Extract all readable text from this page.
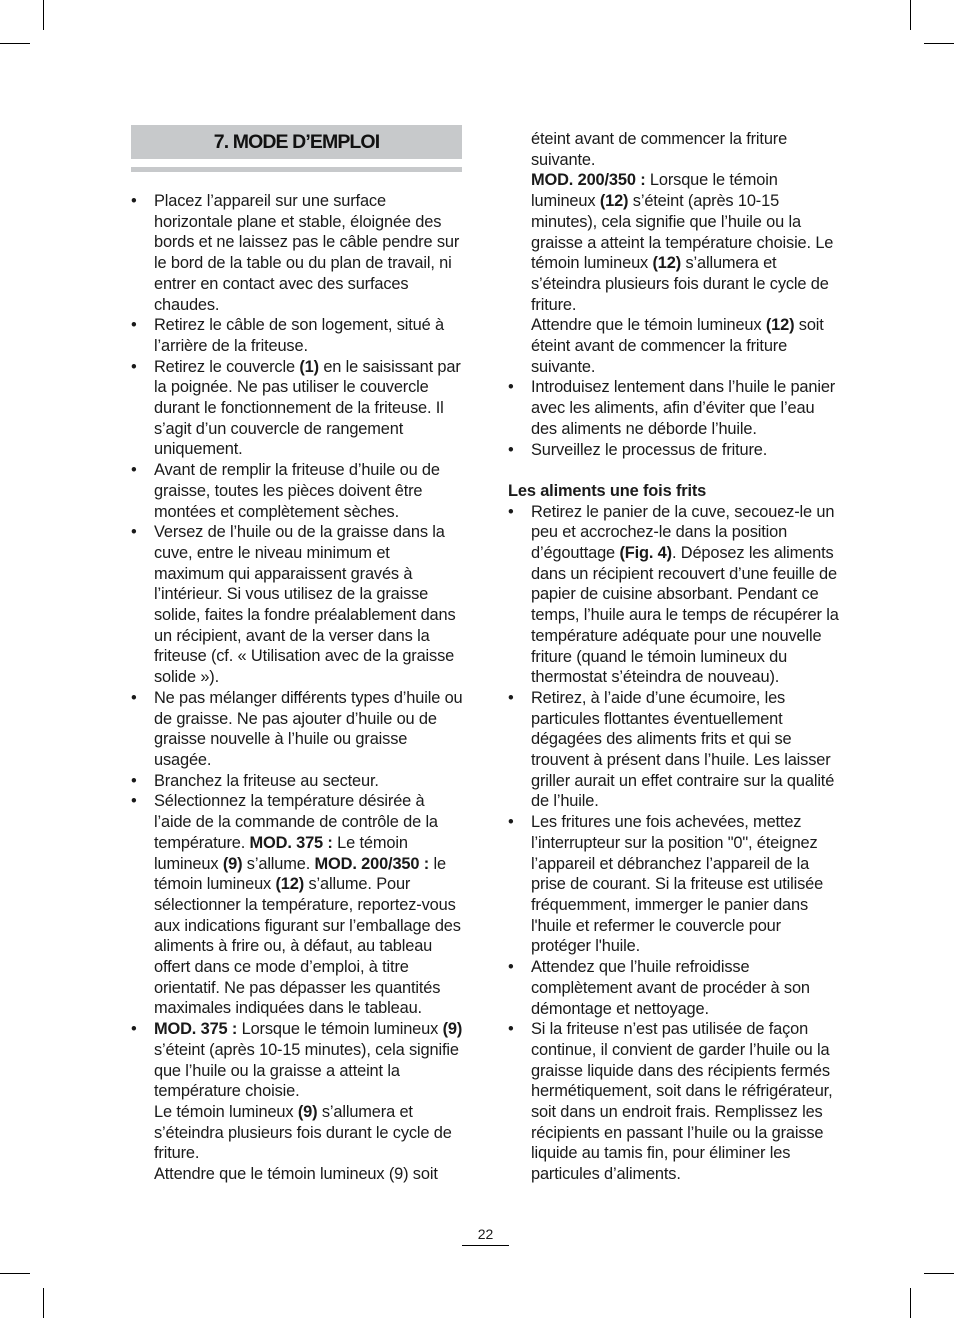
7. MODE D’EMPLOI
• Placez l’appareil sur une surface horizontale plane et stable, éloignée des bords et ne laissez pas le câble pendre sur le bord de la table ou du plan de travail, ni entrer en contact avec des surfaces chaudes.
• Retirez le câble de son logement, situé à l’arrière de la friteuse.
• Retirez le couvercle (1) en le saisissant par la poignée. Ne pas utiliser le couvercle durant le fonctionnement de la friteuse. Il s’agit d’un couvercle de rangement uniquement.
• Avant de remplir la friteuse d’huile ou de graisse, toutes les pièces doivent être montées et complètement sèches.
• Versez de l’huile ou de la graisse dans la cuve, entre le niveau minimum et maximum qui apparaissent gravés à l’intérieur. Si vous utilisez de la graisse solide, faites la fondre préalablement dans un récipient, avant de la verser dans la friteuse (cf. « Utilisation avec de la graisse solide »).
• Ne pas mélanger différents types d’huile ou de graisse. Ne pas ajouter d’huile ou de graisse nouvelle à l’huile ou graisse usagée.
• Branchez la friteuse au secteur.
• Sélectionnez la température désirée à l’aide de la commande de contrôle de la température. MOD. 375 : Le témoin lumineux (9) s’allume. MOD. 200/350 : le témoin lumineux (12) s’allume. Pour sélectionner la température, reportez-vous aux indications figurant sur l’emballage des aliments à frire ou, à défaut, au tableau offert dans ce mode d’emploi, à titre orientatif. Ne pas dépasser les quantités maximales indiquées dans le tableau.

• MOD. 375 : Lorsque le témoin lumineux (9) s’éteint (après 10-15 minutes), cela signifie que l’huile ou la graisse a atteint la température choisie.

Le témoin lumineux (9) s’allumera et s’éteindra plusieurs fois durant le cycle de friture.

Attendre que le témoin lumineux (9) soit

éteint avant de commencer la friture suivante.

MOD. 200/350 : Lorsque le témoin lumineux (12) s’éteint (après 10-15 minutes), cela signifie que l’huile ou la graisse a atteint la température choisie. Le témoin lumineux (12) s’allumera et s’éteindra plusieurs fois durant le cycle de friture.

Attendre que le témoin lumineux (12) soit éteint avant de commencer la friture suivante.

• Introduisez lentement dans l’huile le panier avec les aliments, afin d’éviter que l’eau des aliments ne déborde l’huile.
• Surveillez le processus de friture.

Les aliments une fois frits

• Retirez le panier de la cuve, secouez-le un peu et accrochez-le dans la position d’égouttage (Fig. 4). Déposez les aliments dans un récipient recouvert d’une feuille de papier de cuisine absorbant. Pendant ce temps, l’huile aura le temps de récupérer la température adéquate pour une nouvelle friture (quand le témoin lumineux du thermostat s’éteindra de nouveau).
• Retirez, à l’aide d’une écumoire, les particules flottantes éventuellement dégagées des aliments frits et qui se trouvent à présent dans l’huile. Les laisser griller aurait un effet contraire sur la qualité de l’huile.
• Les fritures une fois achevées, mettez l’interrupteur sur la position "0", éteignez l’appareil et débranchez l’appareil de la prise de courant. Si la friteuse est utilisée fréquemment, immerger le panier dans l'huile et refermer le couvercle pour protéger l'huile.
• Attendez que l’huile refroidisse complètement avant de procéder à son démontage et nettoyage.
• Si la friteuse n’est pas utilisée de façon continue, il convient de garder l’huile ou la graisse liquide dans des récipients fermés hermétiquement, soit dans le réfrigérateur, soit dans un endroit frais. Remplissez les récipients en passant l’huile ou la graisse liquide au tamis fin, pour éliminer les particules d’aliments.
22
